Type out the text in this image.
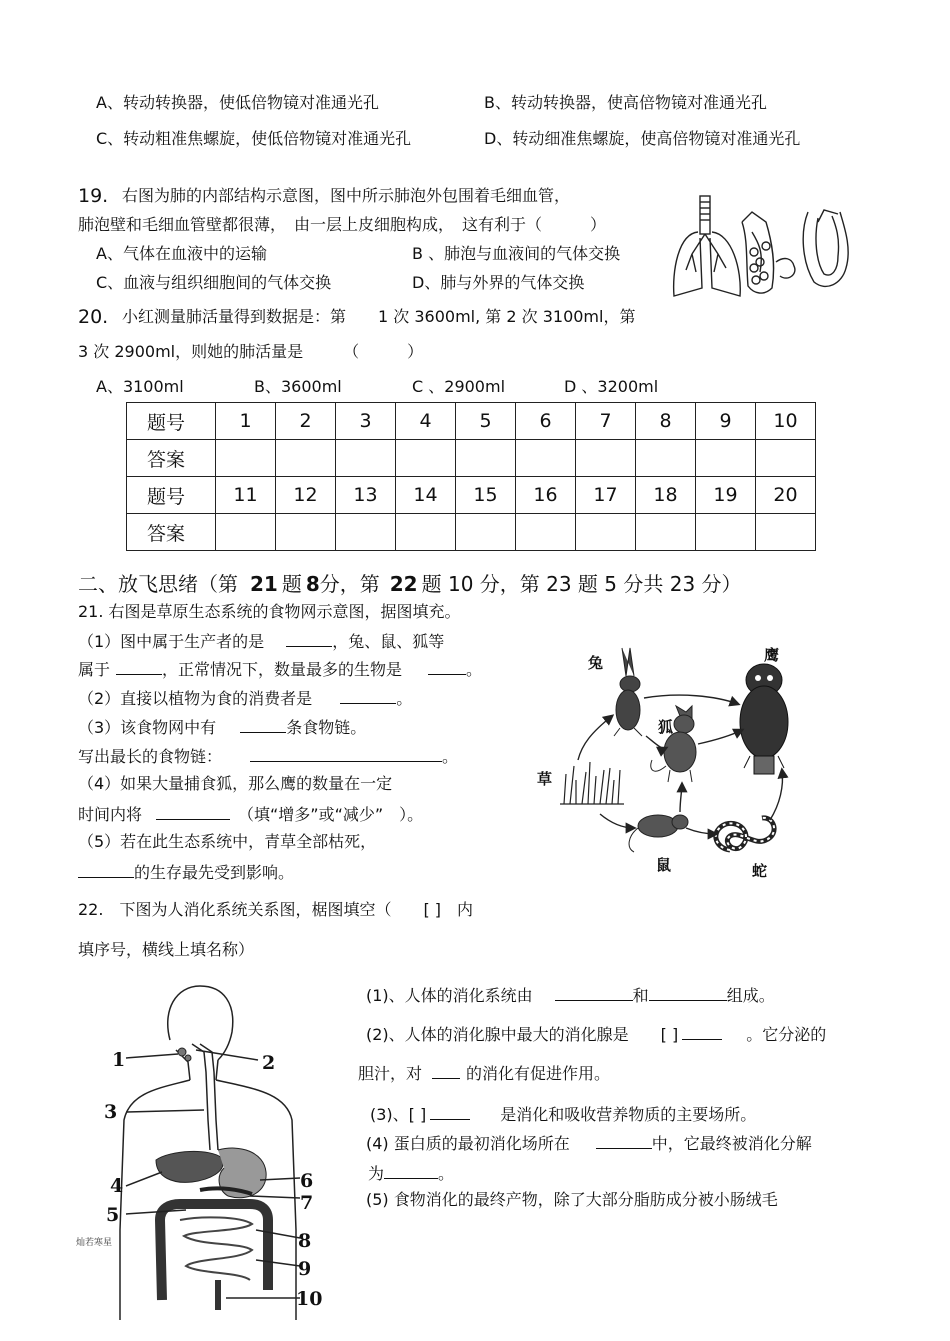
A、转动转换器，使低倍物镜对准通光孔	B、转动转换器，使高倍物镜对准通光孔
C、转动粗准焦螺旋，使低倍物镜对准通光孔	D、转动细准焦螺旋，使高倍物镜对准通光孔
19. 右图为肺的内部结构示意图，图中所示肺泡外包围着毛细血管，
肺泡壁和毛细血管壁都很薄，　由一层上皮细胞构成，　这有利于（　　　）
A、气体在血液中的运输	B 、肺泡与血液间的气体交换
C、血液与组织细胞间的气体交换	D、肺与外界的气体交换
20. 小红测量肺活量得到数据是：第　　1 次 3600ml, 第 2 次 3100ml，第
3 次 2900ml，则她的肺活量是　　　（　　　）
A、3100ml	B、3600ml	C 、2900ml	D 、3200ml
题号	1	2	3	4	5	6	7	8	9	10
答案										
题号	11	12	13	14	15	16	17	18	19	20
答案										
二、放飞思绪（第 21 题 8分，第 22 题 10 分，第 23 题 5 分共 23 分）
21. 右图是草原生态系统的食物网示意图，据图填充。
（1）图中属于生产者的是	，兔、鼠、狐等
属于	，正常情况下，数量最多的生物是	。
（2）直接以植物为食的消费者是	。
（3）该食物网中有	条食物链。
写出最长的食物链：	。
（4）如果大量捕食狐，那么鹰的数量在一定
时间内将	（填“增多”或“减少”　）。
（5）若在此生态系统中，青草全部枯死，
的生存最先受到影响。
兔	鹰
狐
草
鼠	蛇
22.　下图为人消化系统关系图，椐图填空（　　[ ]　内
填序号，横线上填名称）
(1)、人体的消化系统由	和	组成。
(2)、人体的消化腺中最大的消化腺是　　[ ]	。它分泌的
胆汁，对	的消化有促进作用。
(3)、[ ]	是消化和吸收营养物质的主要场所。
(4) 蛋白质的最初消化场所在	中，它最终被消化分解
为	。
(5) 食物消化的最终产物，除了大部分脂肪成分被小肠绒毛
1	2
3
4
5
6
7
8
9
10
灿若寒星
